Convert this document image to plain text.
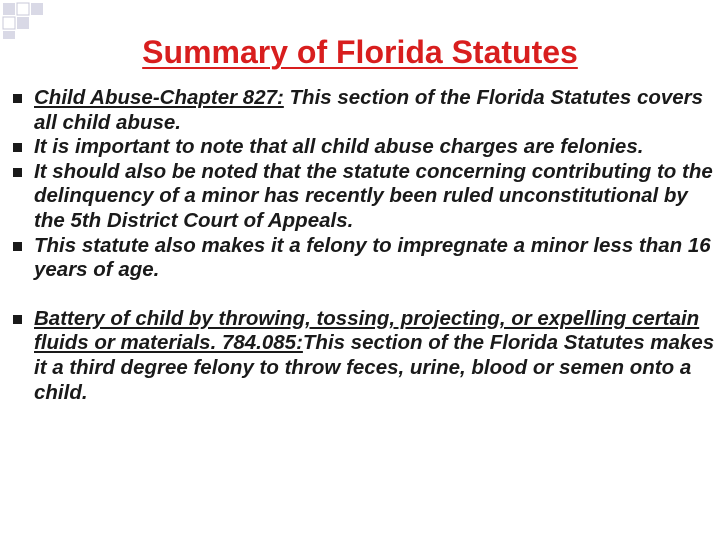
Summary of Florida Statutes
Child Abuse-Chapter 827: This section of the Florida Statutes covers all child abuse.
It is important to note that all child abuse charges are felonies.
It should also be noted that the statute concerning contributing to the delinquency of a minor has recently been ruled unconstitutional by the 5th District Court of Appeals.
This statute also makes it a felony to impregnate a minor less than 16 years of age.
Battery of child by throwing, tossing, projecting, or expelling certain fluids or materials. 784.085:This section of the Florida Statutes makes it a third degree felony to throw feces, urine, blood or semen onto a child.
